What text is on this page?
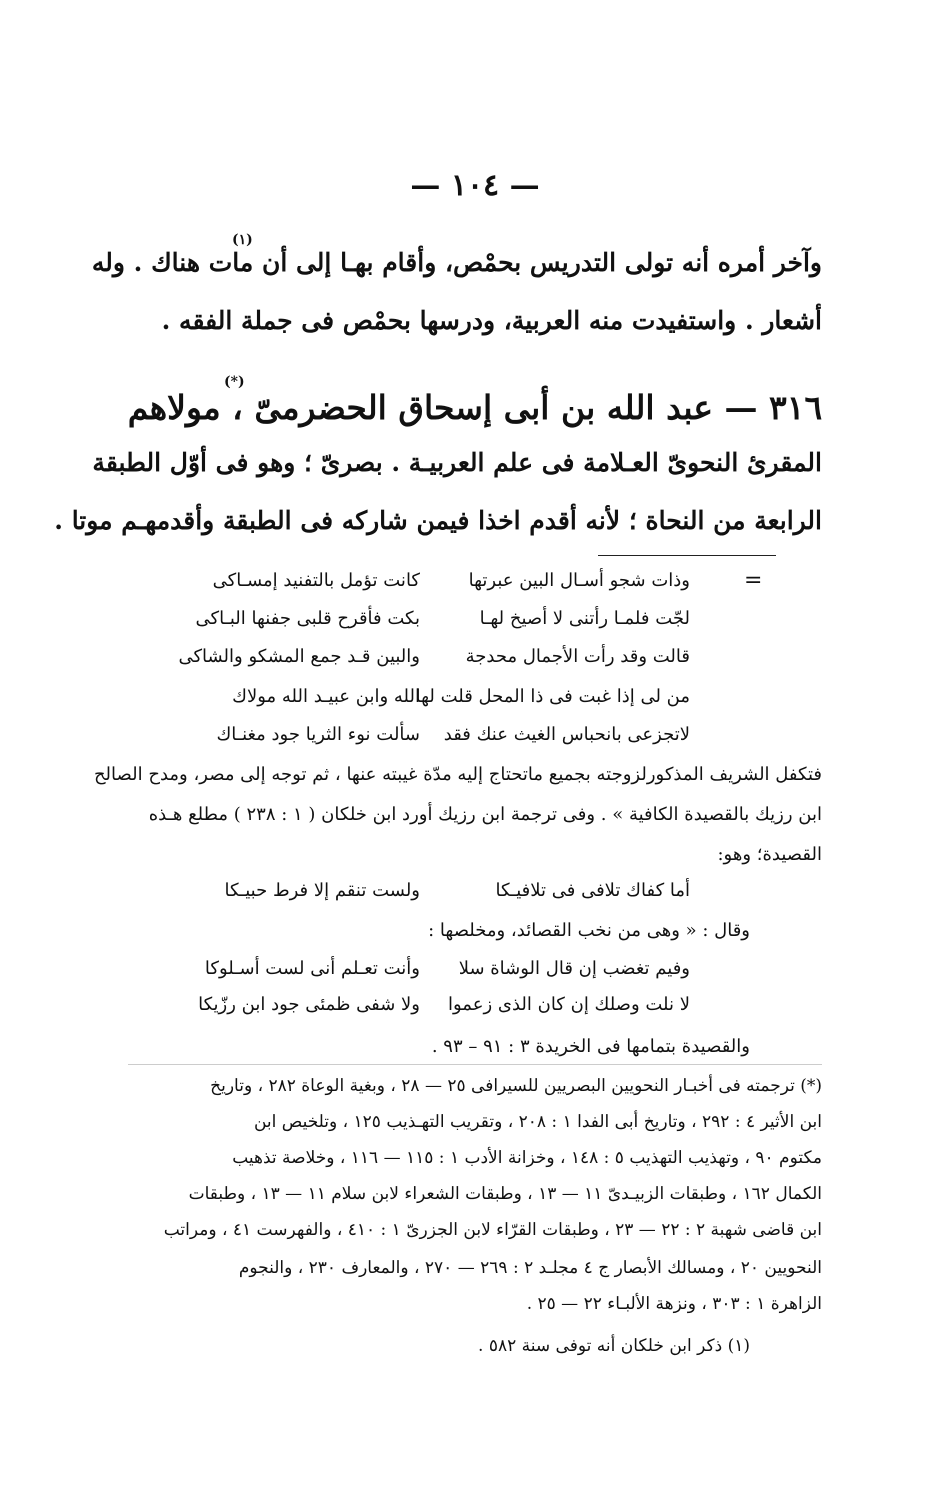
— ١٠٤ —
(١)
وآخر أمره أنه تولى التدريس بحمْص، وأقام بهـا إلى أن مات هناك . وله
أشعار . واستفيدت منه العربية، ودرسها بحمْص فى جملة الفقه .
(*)
٣١٦ — عبد الله بن أبى إسحاق الحضرمىّ ، مولاهم
المقرئ النحوىّ العـلامة فى علم العربيـة . بصرىّ ؛ وهو فى أوّل الطبقة
الرابعة من النحاة ؛ لأنه أقدم اخذا فيمن شاركه فى الطبقة وأقدمهـم موتا .
=
وذات شجو أسـال البين عبرتها
كانت تؤمل بالتفنيد إمسـاكى
لجّت فلمـا رأتنى لا أصيخ لهـا
بكت فأقرح قلبى جفنها البـاكى
قالت وقد رأت الأجمال محدجة
والبين قـد جمع المشكو والشاكى
من لى إذا غبت فى ذا المحل قلت لها
الله وابن عبيـد الله مولاك
لاتجزعى بانحباس الغيث عنك فقد
سألت نوء الثريا جود مغنـاك
فتكفل الشريف المذكورلزوجته بجميع ماتحتاج إليه مدّة غيبته عنها ، ثم توجه إلى مصر، ومدح الصالح
ابن رزيك بالقصيدة الكافية » . وفى ترجمة ابن رزيك أورد ابن خلكان ( ١ : ٢٣٨ ) مطلع هـذه
القصيدة؛ وهو:
أما كفاك تلافى فى تلافيـكا
ولست تنقم إلا فرط حبيـكا
وقال : « وهى من نخب القصائد، ومخلصها :
وفيم تغضب إن قال الوشاة سلا
وأنت تعـلم أنى لست أسـلوكا
لا نلت وصلك إن كان الذى زعموا
ولا شفى ظمئى جود ابن رزّيكا
والقصيدة بتمامها فى الخريدة ٣ : ٩١ – ٩٣ .
(*) ترجمته فى أخبـار النحويين البصريين للسيرافى ٢٥ — ٢٨ ، وبغية الوعاة ٢٨٢ ، وتاريخ
ابن الأثير ٤ : ٢٩٢ ، وتاريخ أبى الفدا ١ : ٢٠٨ ، وتقريب التهـذيب ١٢٥ ، وتلخيص ابن
مكتوم ٩٠ ، وتهذيب التهذيب ٥ : ١٤٨ ، وخزانة الأدب ١ : ١١٥ — ١١٦ ، وخلاصة تذهيب
الكمال ١٦٢ ، وطبقات الزبيـدىّ ١١ — ١٣ ، وطبقات الشعراء لابن سلام ١١ — ١٣ ، وطبقات
ابن قاضى شهبة ٢ : ٢٢ — ٢٣ ، وطبقات القرّاء لابن الجزرىّ ١ : ٤١٠ ، والفهرست ٤١ ، ومراتب
النحويين ٢٠ ، ومسالك الأبصار ج ٤ مجلـد ٢ : ٢٦٩ — ٢٧٠ ، والمعارف ٢٣٠ ، والنجوم
الزاهرة ١ : ٣٠٣ ، ونزهة الألبـاء ٢٢ — ٢٥ .
(١) ذكر ابن خلكان أنه توفى سنة ٥٨٢ .
